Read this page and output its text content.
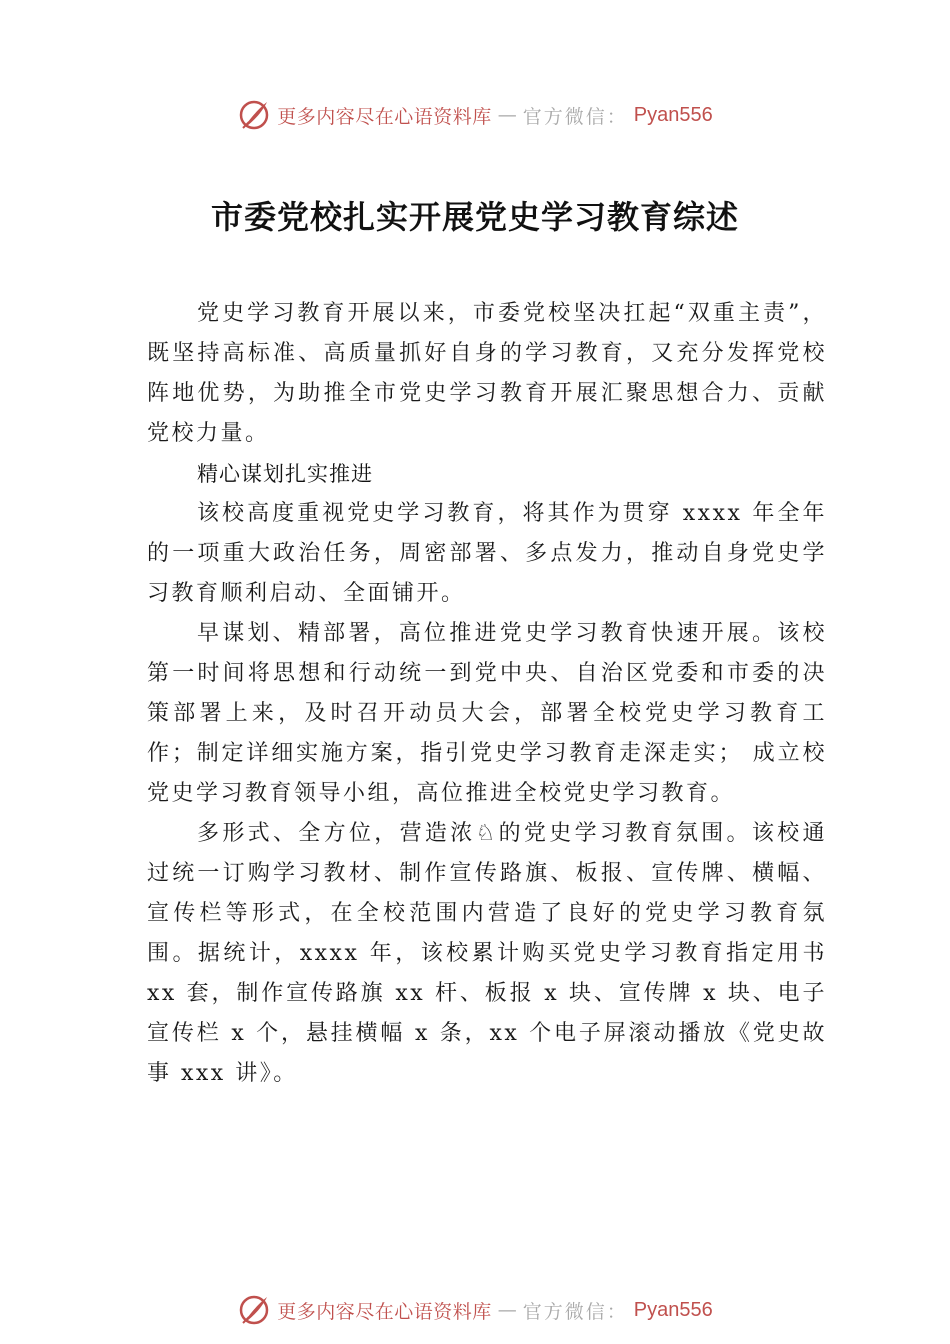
更多内容尽在心语资料库 — 官方微信： Pyan556
市委党校扎实开展党史学习教育综述

党史学习教育开展以来，市委党校坚决扛起“双重主责”，既坚持高标准、高质量抓好自身的学习教育，又充分发挥党校阵地优势，为助推全市党史学习教育开展汇聚思想合力、贡献党校力量。

精心谋划扎实推进

该校高度重视党史学习教育，将其作为贯穿 xxxx 年全年的一项重大政治任务，周密部署、多点发力，推动自身党史学习教育顺利启动、全面铺开。

早谋划、精部署，高位推进党史学习教育快速开展。该校第一时间将思想和行动统一到党中央、自治区党委和市委的决策部署上来，及时召开动员大会，部署全校党史学习教育工作；制定详细实施方案，指引党史学习教育走深走实； 成立校党史学习教育领导小组，高位推进全校党史学习教育。

多形式、全方位，营造浓♘的党史学习教育氛围。该校通过统一订购学习教材、制作宣传路旗、板报、宣传牌、横幅、宣传栏等形式，在全校范围内营造了良好的党史学习教育氛围。据统计，xxxx 年，该校累计购买党史学习教育指定用书 xx 套，制作宣传路旗 xx 杆、板报 x 块、宣传牌 x 块、电子宣传栏 x 个，悬挂横幅 x 条，xx 个电子屏滚动播放《党史故事 xxx 讲》。

更多内容尽在心语资料库 — 官方微信： Pyan556
